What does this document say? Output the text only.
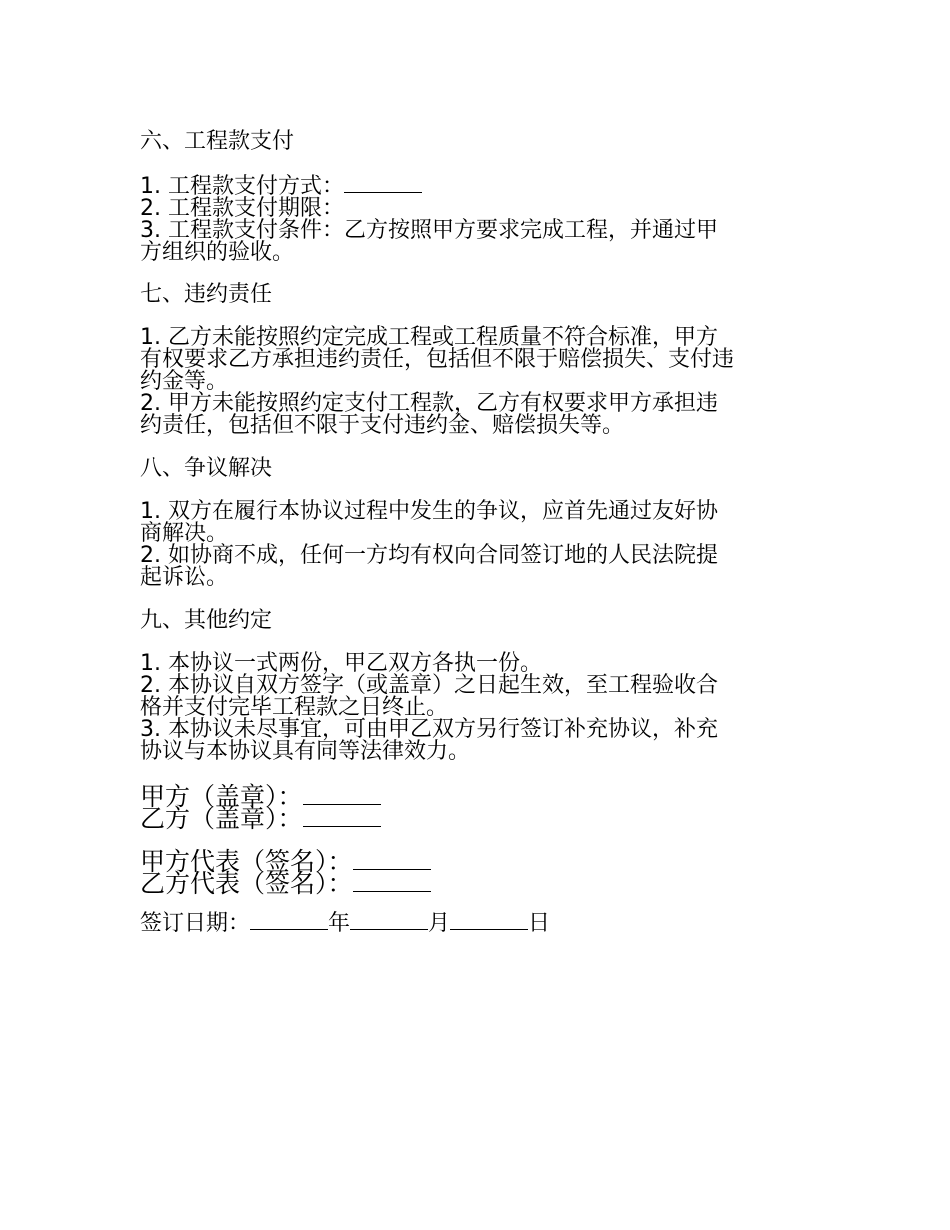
六、工程款支付
1. 工程款支付方式：
2. 工程款支付期限：
3. 工程款支付条件：乙方按照甲方要求完成工程，并通过甲
方组织的验收。
七、违约责任
1. 乙方未能按照约定完成工程或工程质量不符合标准，甲方
有权要求乙方承担违约责任，包括但不限于赔偿损失、支付违
约金等。
2. 甲方未能按照约定支付工程款，乙方有权要求甲方承担违
约责任，包括但不限于支付违约金、赔偿损失等。
八、争议解决
1. 双方在履行本协议过程中发生的争议，应首先通过友好协
商解决。
2. 如协商不成，任何一方均有权向合同签订地的人民法院提
起诉讼。
九、其他约定
1. 本协议一式两份，甲乙双方各执一份。
2. 本协议自双方签字（或盖章）之日起生效，至工程验收合
格并支付完毕工程款之日终止。
3. 本协议未尽事宜，可由甲乙双方另行签订补充协议，补充
协议与本协议具有同等法律效力。
甲方（盖章）：
乙方（盖章）：
甲方代表（签名）：
乙方代表（签名）：
签订日期：	年	月	日
